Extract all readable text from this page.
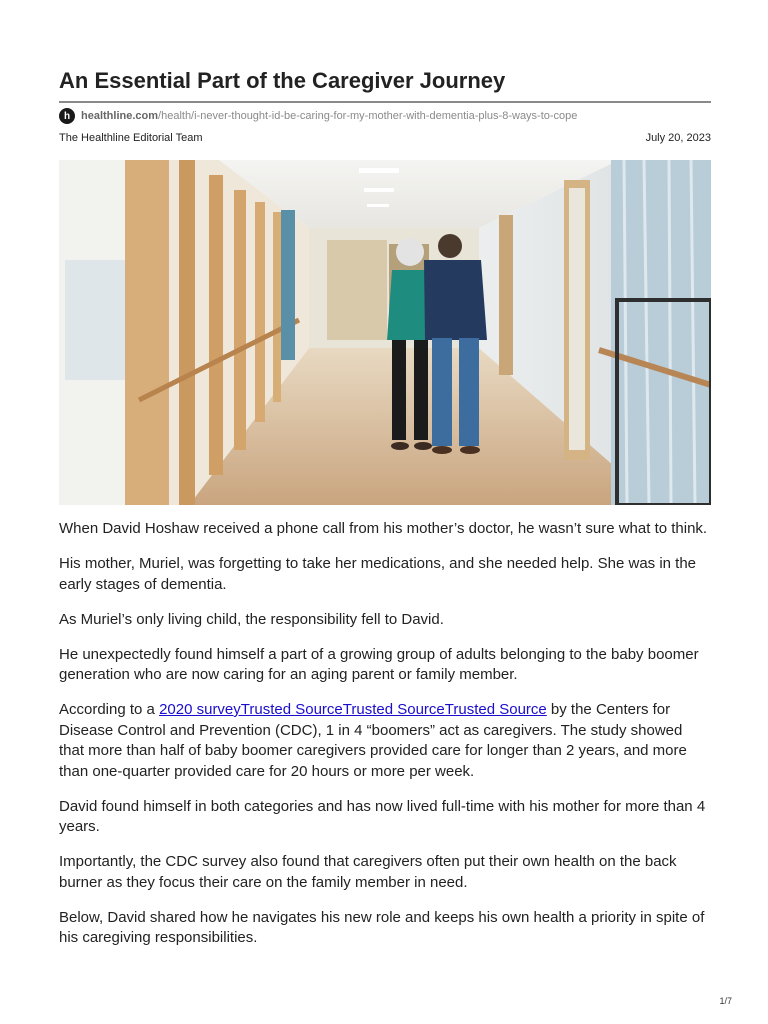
An Essential Part of the Caregiver Journey
h healthline.com/health/i-never-thought-id-be-caring-for-my-mother-with-dementia-plus-8-ways-to-cope
The Healthline Editorial Team	July 20, 2023

When David Hoshaw received a phone call from his mother’s doctor, he wasn’t sure what to think.

His mother, Muriel, was forgetting to take her medications, and she needed help. She was in the early stages of dementia.

As Muriel’s only living child, the responsibility fell to David.

He unexpectedly found himself a part of a growing group of adults belonging to the baby boomer generation who are now caring for an aging parent or family member.

According to a 2020 surveyTrusted SourceTrusted SourceTrusted Source by the Centers for Disease Control and Prevention (CDC), 1 in 4 “boomers” act as caregivers. The study showed that more than half of baby boomer caregivers provided care for longer than 2 years, and more than one-quarter provided care for 20 hours or more per week.

David found himself in both categories and has now lived full-time with his mother for more than 4 years.

Importantly, the CDC survey also found that caregivers often put their own health on the back burner as they focus their care on the family member in need.

Below, David shared how he navigates his new role and keeps his own health a priority in spite of his caregiving responsibilities.

1/7
